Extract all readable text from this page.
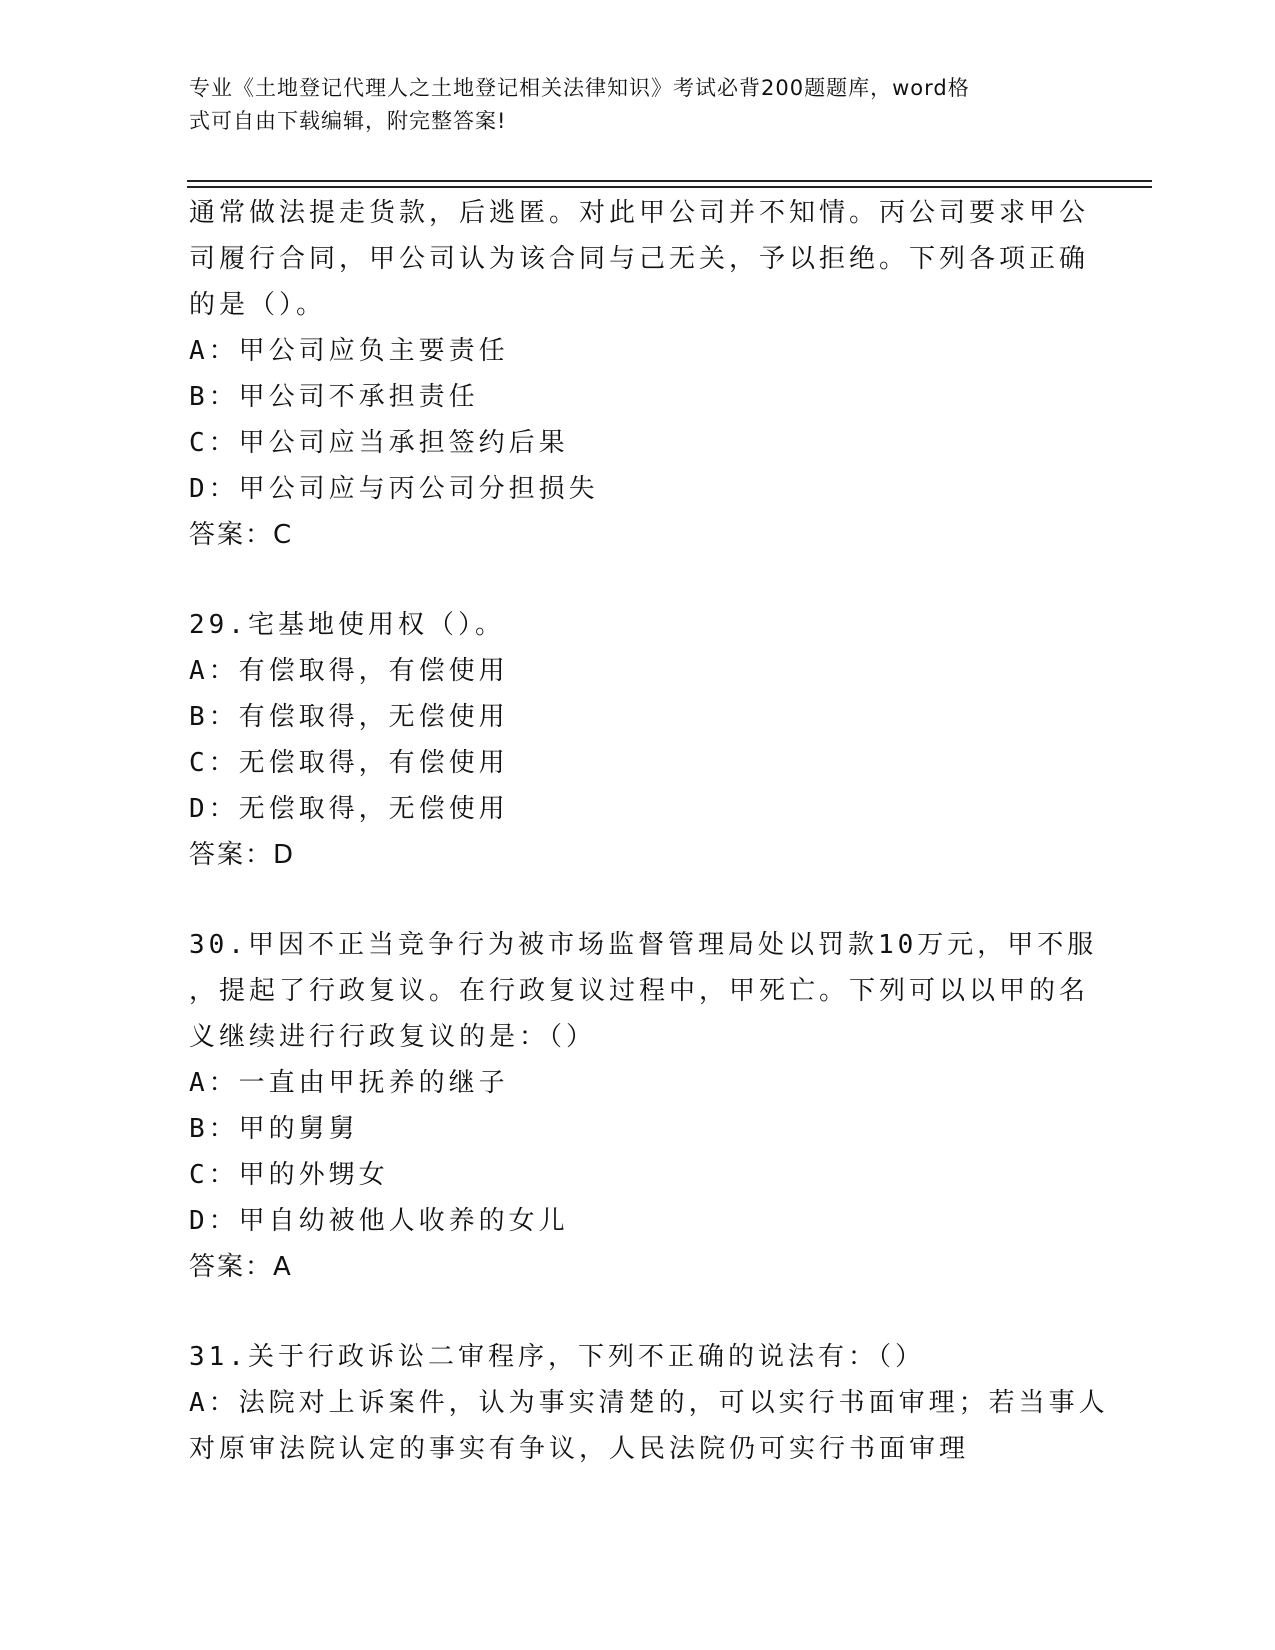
专业《土地登记代理人之土地登记相关法律知识》考试必背200题题库，word格
式可自由下载编辑，附完整答案!
通常做法提走货款，后逃匿。对此甲公司并不知情。丙公司要求甲公
司履行合同，甲公司认为该合同与己无关，予以拒绝。下列各项正确
的是（）。
A：甲公司应负主要责任
B：甲公司不承担责任
C：甲公司应当承担签约后果
D：甲公司应与丙公司分担损失
答案：C
29.宅基地使用权（）。
A：有偿取得，有偿使用
B：有偿取得，无偿使用
C：无偿取得，有偿使用
D：无偿取得，无偿使用
答案：D
30.甲因不正当竞争行为被市场监督管理局处以罚款10万元，甲不服
，提起了行政复议。在行政复议过程中，甲死亡。下列可以以甲的名
义继续进行行政复议的是：（）
A：一直由甲抚养的继子
B：甲的舅舅
C：甲的外甥女
D：甲自幼被他人收养的女儿
答案：A
31.关于行政诉讼二审程序，下列不正确的说法有：（）
A：法院对上诉案件，认为事实清楚的，可以实行书面审理；若当事人
对原审法院认定的事实有争议，人民法院仍可实行书面审理
